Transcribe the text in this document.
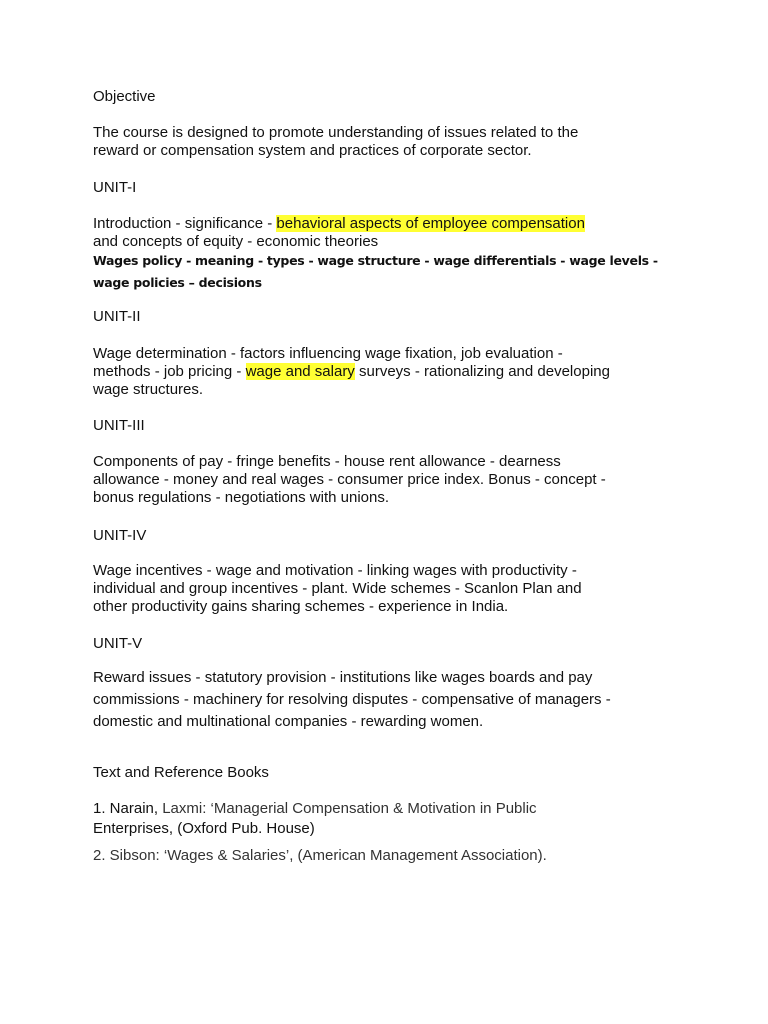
Objective
The course is designed to promote understanding of issues related to the
reward or compensation system and practices of corporate sector.
UNIT-I
Introduction - significance - behavioral aspects of employee compensation
and concepts of equity - economic theories
Wages policy - meaning - types - wage structure - wage differentials - wage levels -
wage policies – decisions
UNIT-II
Wage determination - factors influencing wage fixation, job evaluation -
methods - job pricing - wage and salary surveys - rationalizing and developing
wage structures.
UNIT-III
Components of pay - fringe benefits - house rent allowance - dearness
allowance - money and real wages - consumer price index. Bonus - concept -
bonus regulations - negotiations with unions.
UNIT-IV
Wage incentives - wage and motivation - linking wages with productivity -
individual and group incentives - plant. Wide schemes - Scanlon Plan and
other productivity gains sharing schemes - experience in India.
UNIT-V
Reward issues - statutory provision - institutions like wages boards and pay
commissions - machinery for resolving disputes - compensative of managers -
domestic and multinational companies - rewarding women.
Text and Reference Books
1. Narain, Laxmi: ‘Managerial Compensation & Motivation in Public
Enterprises, (Oxford Pub. House)
2. Sibson: ‘Wages & Salaries’, (American Management Association).
